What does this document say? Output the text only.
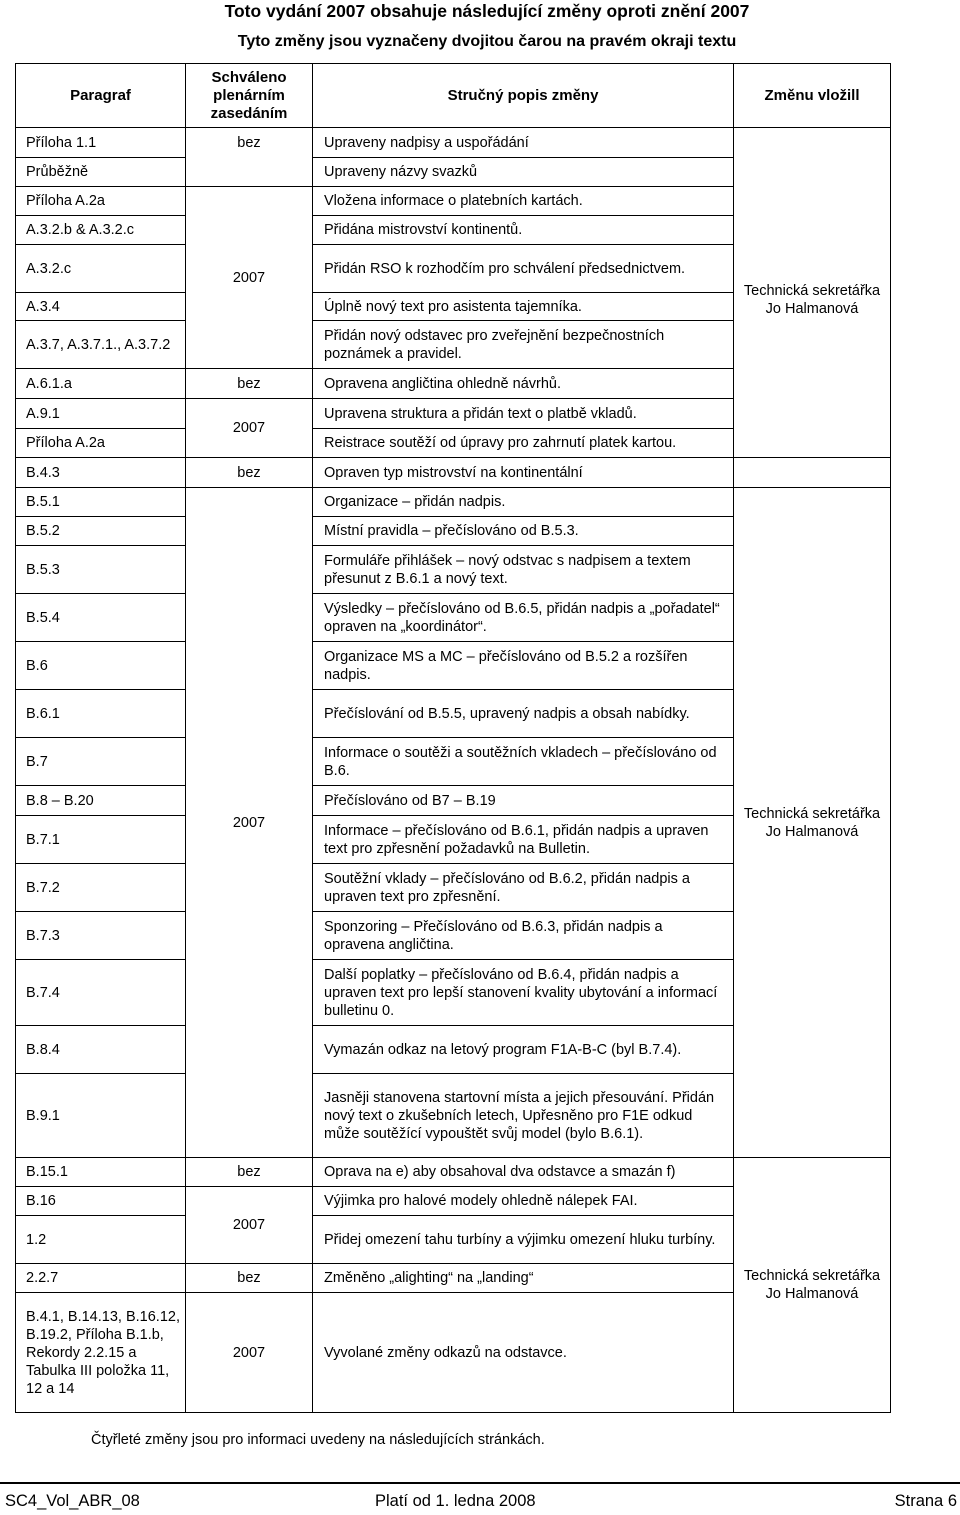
Toto vydání 2007 obsahuje následující změny oproti znění 2007
Tyto změny jsou vyznačeny dvojitou čarou na pravém okraji textu
Paragraf	Schváleno plenárním zasedáním	Stručný popis změny	Změnu vložill
Příloha 1.1	bez	Upraveny nadpisy a uspořádání	Technická sekretářka Jo Halmanová
Průběžně		Upraveny názvy svazků	
Příloha A.2a	2007	Vložena informace o platebních kartách.	
A.3.2.b & A.3.2.c		Přidána mistrovství kontinentů.	
A.3.2.c		Přidán RSO k rozhodčím pro schválení předsednictvem.	
A.3.4		Úplně nový text pro asistenta tajemníka.	
A.3.7, A.3.7.1., A.3.7.2		Přidán nový odstavec pro zveřejnění bezpečnostních poznámek a pravidel.	
A.6.1.a	bez	Opravena angličtina ohledně návrhů.	
A.9.1	2007	Upravena struktura a přidán text o platbě vkladů.	
Příloha A.2a		Reistrace soutěží od úpravy pro zahrnutí platek kartou.	
B.4.3	bez	Opraven typ mistrovství na kontinentální	
B.5.1	2007	Organizace – přidán nadpis.	Technická sekretářka Jo Halmanová
B.5.2		Místní pravidla – přečíslováno od B.5.3.	
B.5.3		Formuláře přihlášek – nový odstvac s nadpisem a textem přesunut z B.6.1 a nový text.	
B.5.4		Výsledky – přečíslováno od B.6.5, přidán nadpis a „pořadatel“ opraven na „koordinátor“.	
B.6		Organizace MS a MC – přečíslováno od B.5.2 a rozšířen nadpis.	
B.6.1		Přečíslování od B.5.5, upravený nadpis a obsah nabídky.	
B.7		Informace o soutěži a soutěžních vkladech – přečíslováno od B.6.	
B.8 – B.20		Přečíslováno od B7 – B.19	
B.7.1		Informace – přečíslováno od B.6.1, přidán nadpis a upraven text pro zpřesnění požadavků na Bulletin.	
B.7.2		Soutěžní vklady – přečíslováno od B.6.2, přidán nadpis a upraven text pro zpřesnění.	
B.7.3		Sponzoring – Přečíslováno od B.6.3, přidán nadpis a opravena angličtina.	
B.7.4		Další poplatky – přečíslováno od B.6.4, přidán nadpis a upraven text pro lepší stanovení kvality ubytování a informací bulletinu 0.	
B.8.4		Vymazán odkaz na letový program F1A-B-C (byl B.7.4).	
B.9.1		Jasněji stanovena startovní místa a jejich přesouvání. Přidán nový text o zkušebních letech, Upřesněno pro F1E odkud může soutěžící vypouštět svůj model (bylo B.6.1).	
B.15.1	bez	Oprava na e) aby obsahoval dva odstavce a smazán f)	Technická sekretářka Jo Halmanová
B.16	2007	Výjimka pro halové modely ohledně nálepek FAI.	
1.2		Přidej omezení tahu turbíny a výjimku omezení hluku turbíny.	
2.2.7	bez	Změněno „alighting“ na „landing“	
B.4.1, B.14.13, B.16.12, B.19.2, Příloha B.1.b, Rekordy 2.2.15 a Tabulka III položka 11, 12 a 14	2007	Vyvolané změny odkazů na odstavce.	
Čtyřleté změny jsou pro informaci uvedeny na následujících stránkách.
SC4_Vol_ABR_08	Platí od 1. ledna 2008	Strana 6
